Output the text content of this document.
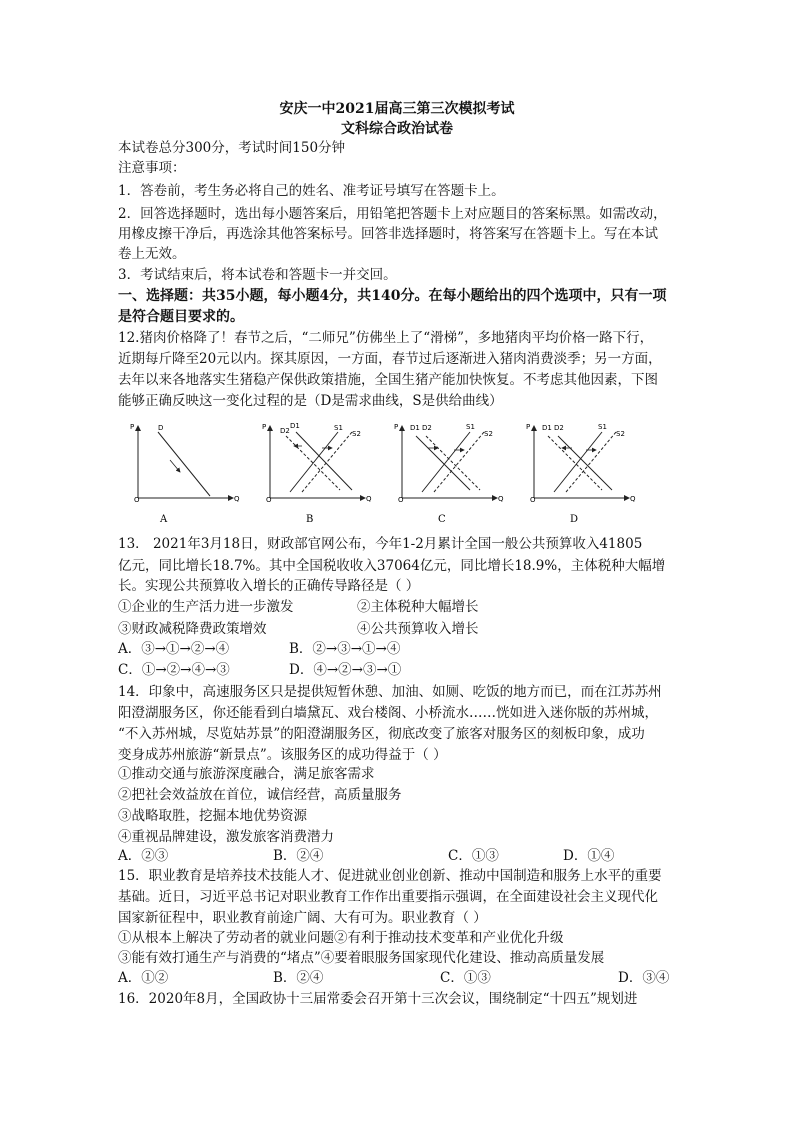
安庆一中2021届高三第三次模拟考试
文科综合政治试卷
本试卷总分300分，考试时间150分钟
注意事项：
1．答卷前，考生务必将自己的姓名、准考证号填写在答题卡上。
2．回答选择题时，选出每小题答案后，用铅笔把答题卡上对应题目的答案标黑。如需改动，
用橡皮擦干净后，再选涂其他答案标号。回答非选择题时，将答案写在答题卡上。写在本试
卷上无效。
3．考试结束后，将本试卷和答题卡一并交回。
一、选择题：共35小题，每小题4分，共140分。在每小题给出的四个选项中，只有一项
是符合题目要求的。
12.猪肉价格降了！春节之后，“二师兄”仿佛坐上了“滑梯”，多地猪肉平均价格一路下行，
近期每斤降至20元以内。探其原因，一方面，春节过后逐渐进入猪肉消费淡季；另一方面，
去年以来各地落实生猪稳产保供政策措施，全国生猪产能加快恢复。不考虑其他因素，下图
能够正确反映这一变化过程的是（D是需求曲线，S是供给曲线）
P
Q
O
D
A
P
Q
O
D2
D1	S1
S2
B
P
Q
O
D1 D2	S1
S2
C
P
Q
O
D1 D2	S1
S2
D
13． 2021年3月18日，财政部官网公布，今年1-2月累计全国一般公共预算收入41805
亿元，同比增长18.7%。其中全国税收收入37064亿元，同比增长18.9%，主体税种大幅增
长。实现公共预算收入增长的正确传导路径是（ ）
①企业的生产活力进一步激发	②主体税种大幅增长
③财政减税降费政策增效	④公共预算收入增长
A．③→①→②→④	B．②→③→①→④
C．①→②→④→③	D．④→②→③→①
14．印象中，高速服务区只是提供短暂休憩、加油、如厕、吃饭的地方而已，而在江苏苏州
阳澄湖服务区，你还能看到白墙黛瓦、戏台楼阁、小桥流水……恍如进入迷你版的苏州城，
“不入苏州城，尽览姑苏景”的阳澄湖服务区，彻底改变了旅客对服务区的刻板印象，成功
变身成苏州旅游“新景点”。该服务区的成功得益于（ ）
①推动交通与旅游深度融合，满足旅客需求
②把社会效益放在首位，诚信经营，高质量服务
③战略取胜，挖掘本地优势资源
④重视品牌建设，激发旅客消费潜力
A．②③	B．②④	C．①③	D．①④
15．职业教育是培养技术技能人才、促进就业创业创新、推动中国制造和服务上水平的重要
基础。近日，习近平总书记对职业教育工作作出重要指示强调，在全面建设社会主义现代化
国家新征程中，职业教育前途广阔、大有可为。职业教育（ ）
①从根本上解决了劳动者的就业问题②有利于推动技术变革和产业优化升级
③能有效打通生产与消费的“堵点”④要着眼服务国家现代化建设、推动高质量发展
A．①②	B．②④	C．①③	D．③④
16．2020年8月，全国政协十三届常委会召开第十三次会议，围绕制定“十四五”规划进
